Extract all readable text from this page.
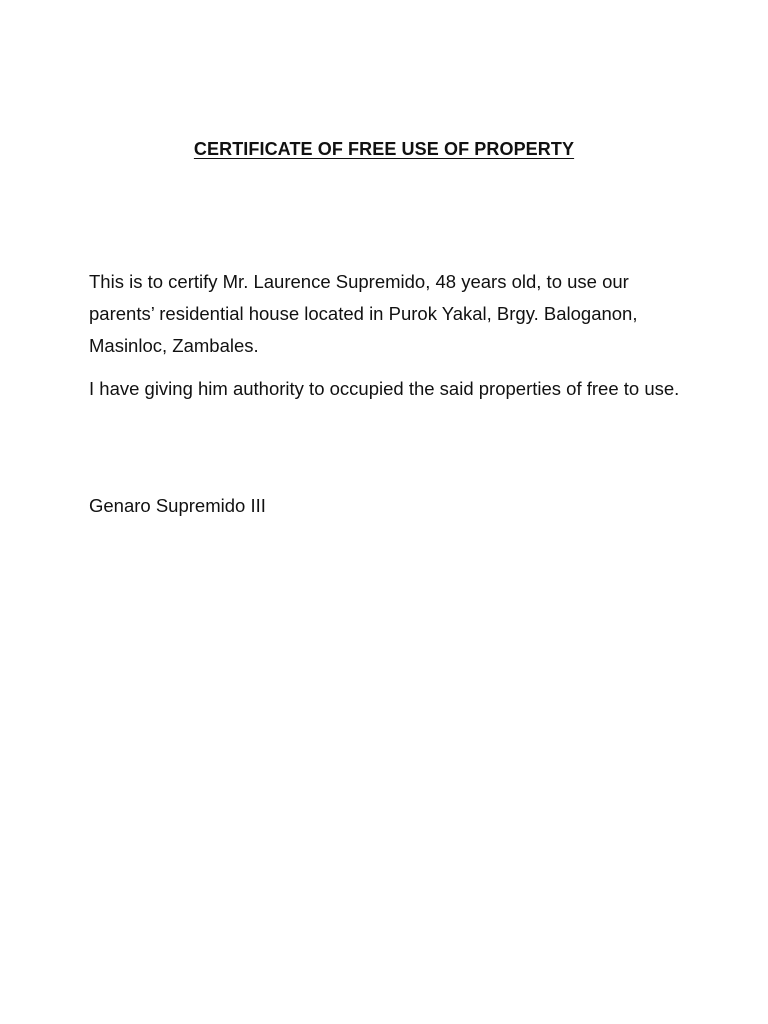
CERTIFICATE OF FREE USE OF PROPERTY

This is to certify Mr. Laurence Supremido, 48 years old, to use our parents’ residential house located in Purok Yakal, Brgy. Baloganon, Masinloc, Zambales.

I have giving him authority to occupied the said properties of free to use.

Genaro Supremido III
